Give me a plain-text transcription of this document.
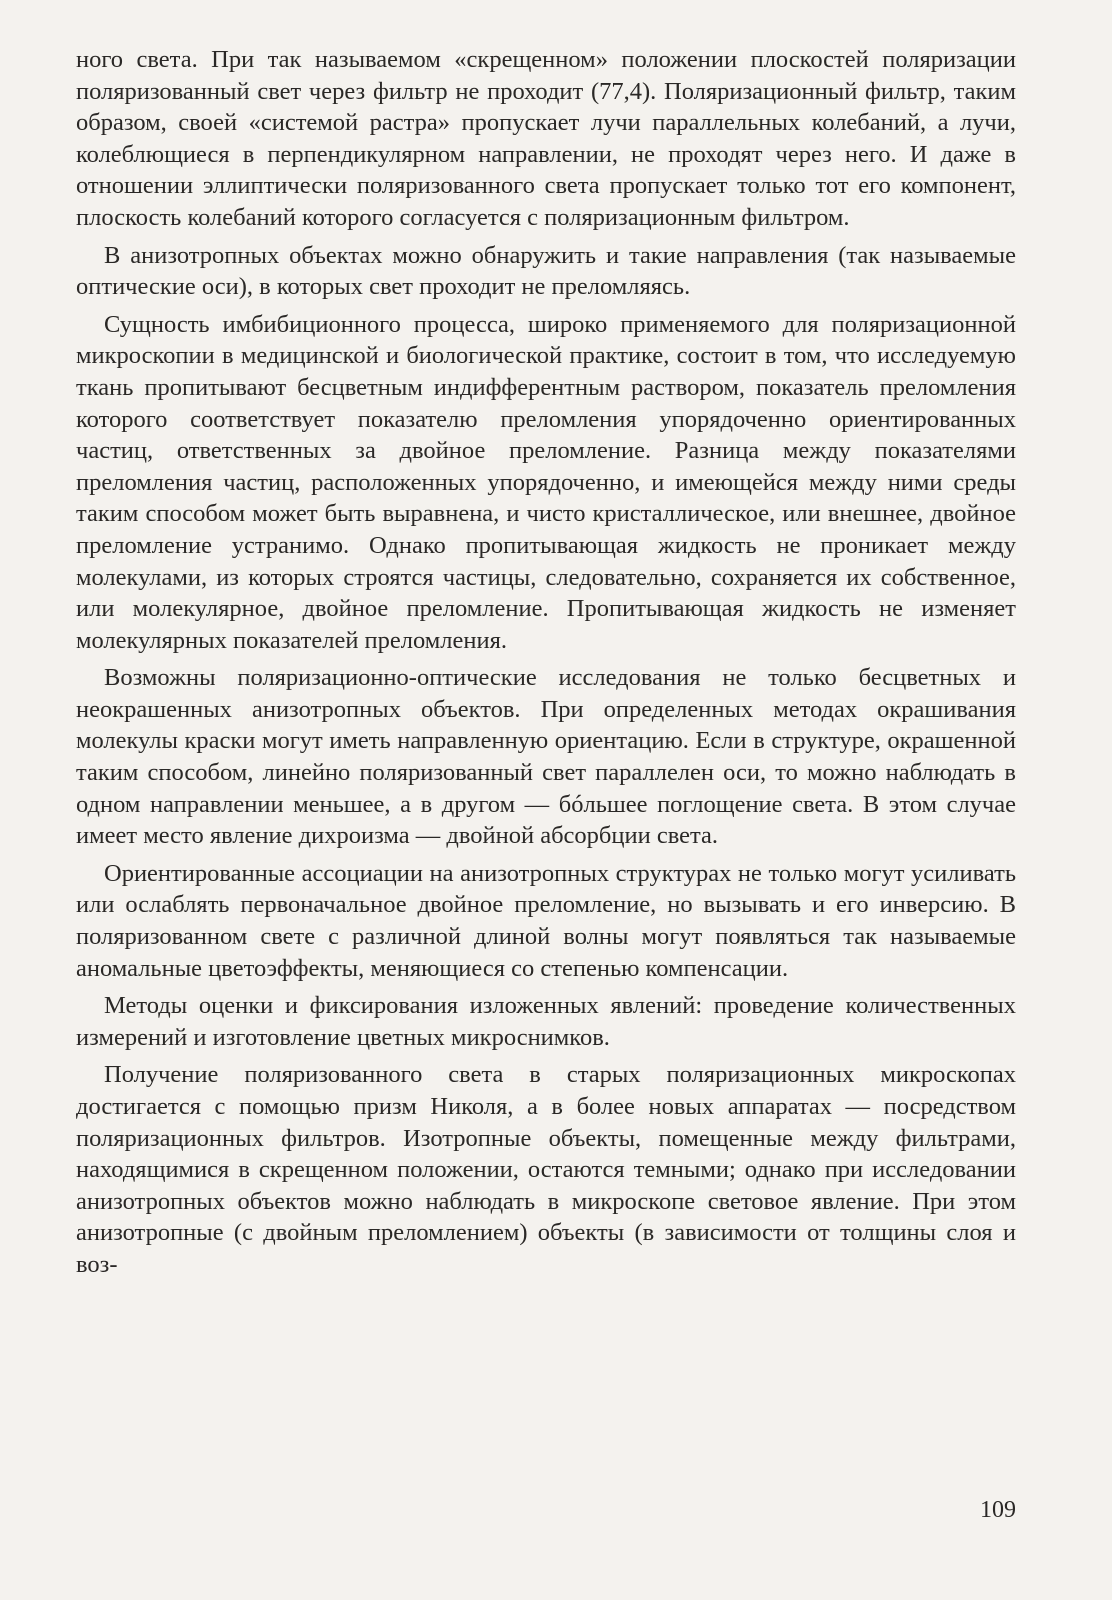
ного света. При так называемом «скрещенном» положении плоскостей поляризации поляризованный свет через фильтр не проходит (77,4). Поляризационный фильтр, таким образом, своей «системой растра» пропускает лучи параллельных колебаний, а лучи, колеблющиеся в перпендикулярном направлении, не проходят через него. И даже в отношении эллиптически поляризованного света пропускает только тот его компонент, плоскость колебаний которого согласуется с поляризационным фильтром.

В анизотропных объектах можно обнаружить и такие направления (так называемые оптические оси), в которых свет проходит не преломляясь.

Сущность имбибиционного процесса, широко применяемого для поляризационной микроскопии в медицинской и биологической практике, состоит в том, что исследуемую ткань пропитывают бесцветным индифферентным раствором, показатель преломления которого соответствует показателю преломления упорядоченно ориентированных частиц, ответственных за двойное преломление. Разница между показателями преломления частиц, расположенных упорядоченно, и имеющейся между ними среды таким способом может быть выравнена, и чисто кристаллическое, или внешнее, двойное преломление устранимо. Однако пропитывающая жидкость не проникает между молекулами, из которых строятся частицы, следовательно, сохраняется их собственное, или молекулярное, двойное преломление. Пропитывающая жидкость не изменяет молекулярных показателей преломления.

Возможны поляризационно-оптические исследования не только бесцветных и неокрашенных анизотропных объектов. При определенных методах окрашивания молекулы краски могут иметь направленную ориентацию. Если в структуре, окрашенной таким способом, линейно поляризованный свет параллелен оси, то можно наблюдать в одном направлении меньшее, а в другом — бóльшее поглощение света. В этом случае имеет место явление дихроизма — двойной абсорбции света.

Ориентированные ассоциации на анизотропных структурах не только могут усиливать или ослаблять первоначальное двойное преломление, но вызывать и его инверсию. В поляризованном свете с различной длиной волны могут появляться так называемые аномальные цветоэффекты, меняющиеся со степенью компенсации.

Методы оценки и фиксирования изложенных явлений: проведение количественных измерений и изготовление цветных микроснимков.

Получение поляризованного света в старых поляризационных микроскопах достигается с помощью призм Николя, а в более новых аппаратах — посредством поляризационных фильтров. Изотропные объекты, помещенные между фильтрами, находящимися в скрещенном положении, остаются темными; однако при исследовании анизотропных объектов можно наблюдать в микроскопе световое явление. При этом анизотропные (с двойным преломлением) объекты (в зависимости от толщины слоя и воз-

109
